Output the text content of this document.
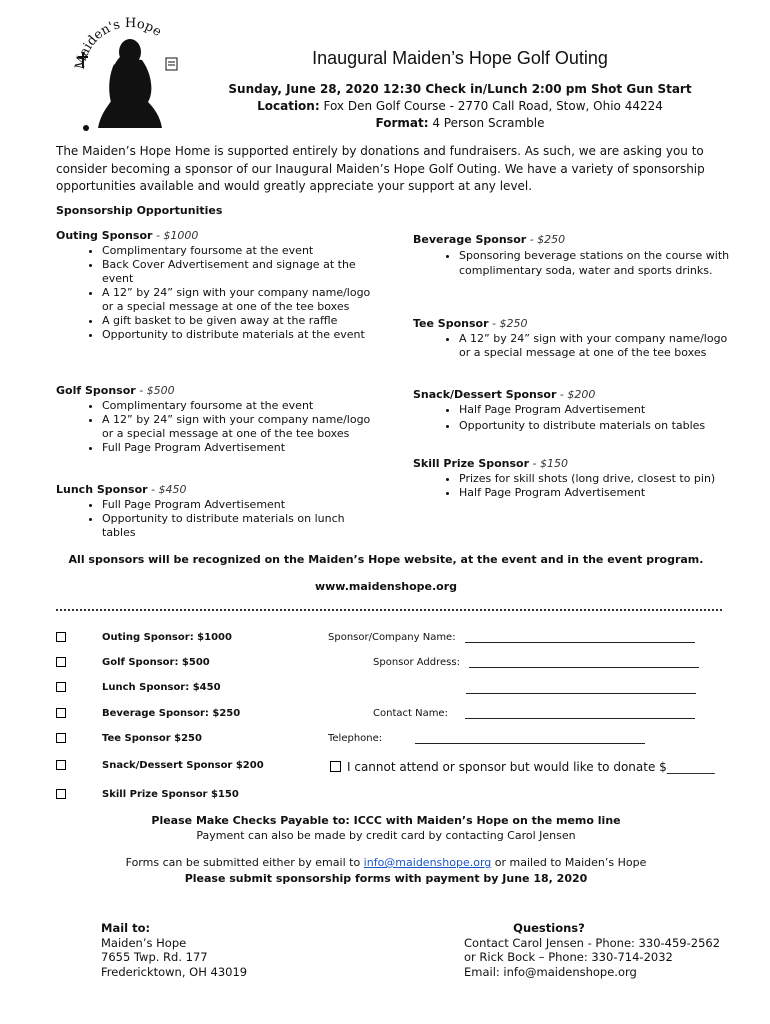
Maiden's Hope
Inaugural Maiden’s Hope Golf Outing
Sunday, June 28, 2020 12:30 Check in/Lunch 2:00 pm Shot Gun Start
Location: Fox Den Golf Course - 2770 Call Road, Stow, Ohio 44224
Format: 4 Person Scramble
The Maiden’s Hope Home is supported entirely by donations and fundraisers. As such, we are asking you to consider becoming a sponsor of our Inaugural Maiden’s Hope Golf Outing. We have a variety of sponsorship opportunities available and would greatly appreciate your support at any level.
Sponsorship Opportunities
Outing Sponsor - $1000
• Complimentary foursome at the event
• Back Cover Advertisement and signage at the event
• A 12” by 24” sign with your company name/logo or a special message at one of the tee boxes
• A gift basket to be given away at the raffle
• Opportunity to distribute materials at the event
Golf Sponsor - $500
• Complimentary foursome at the event
• A 12” by 24” sign with your company name/logo or a special message at one of the tee boxes
• Full Page Program Advertisement
Lunch Sponsor - $450
• Full Page Program Advertisement
• Opportunity to distribute materials on lunch tables
Beverage Sponsor - $250
• Sponsoring beverage stations on the course with complimentary soda, water and sports drinks.
Tee Sponsor - $250
• A 12” by 24” sign with your company name/logo or a special message at one of the tee boxes
Snack/Dessert Sponsor - $200
• Half Page Program Advertisement
• Opportunity to distribute materials on tables
Skill Prize Sponsor - $150
• Prizes for skill shots (long drive, closest to pin)
• Half Page Program Advertisement
All sponsors will be recognized on the Maiden’s Hope website, at the event and in the event program.
www.maidenshope.org
Outing Sponsor: $1000
Golf Sponsor: $500
Lunch Sponsor: $450
Beverage Sponsor: $250
Tee Sponsor $250
Snack/Dessert Sponsor $200
Skill Prize Sponsor $150
Sponsor/Company Name:
Sponsor Address:
Contact Name:
Telephone:
I cannot attend or sponsor but would like to donate $________
Please Make Checks Payable to: ICCC with Maiden’s Hope on the memo line
Payment can also be made by credit card by contacting Carol Jensen
Forms can be submitted either by email to info@maidenshope.org or mailed to Maiden’s Hope
Please submit sponsorship forms with payment by June 18, 2020
Mail to:
Maiden’s Hope
7655 Twp. Rd. 177
Fredericktown, OH 43019
Questions?
Contact Carol Jensen - Phone: 330-459-2562
or Rick Bock – Phone: 330-714-2032
Email: info@maidenshope.org
